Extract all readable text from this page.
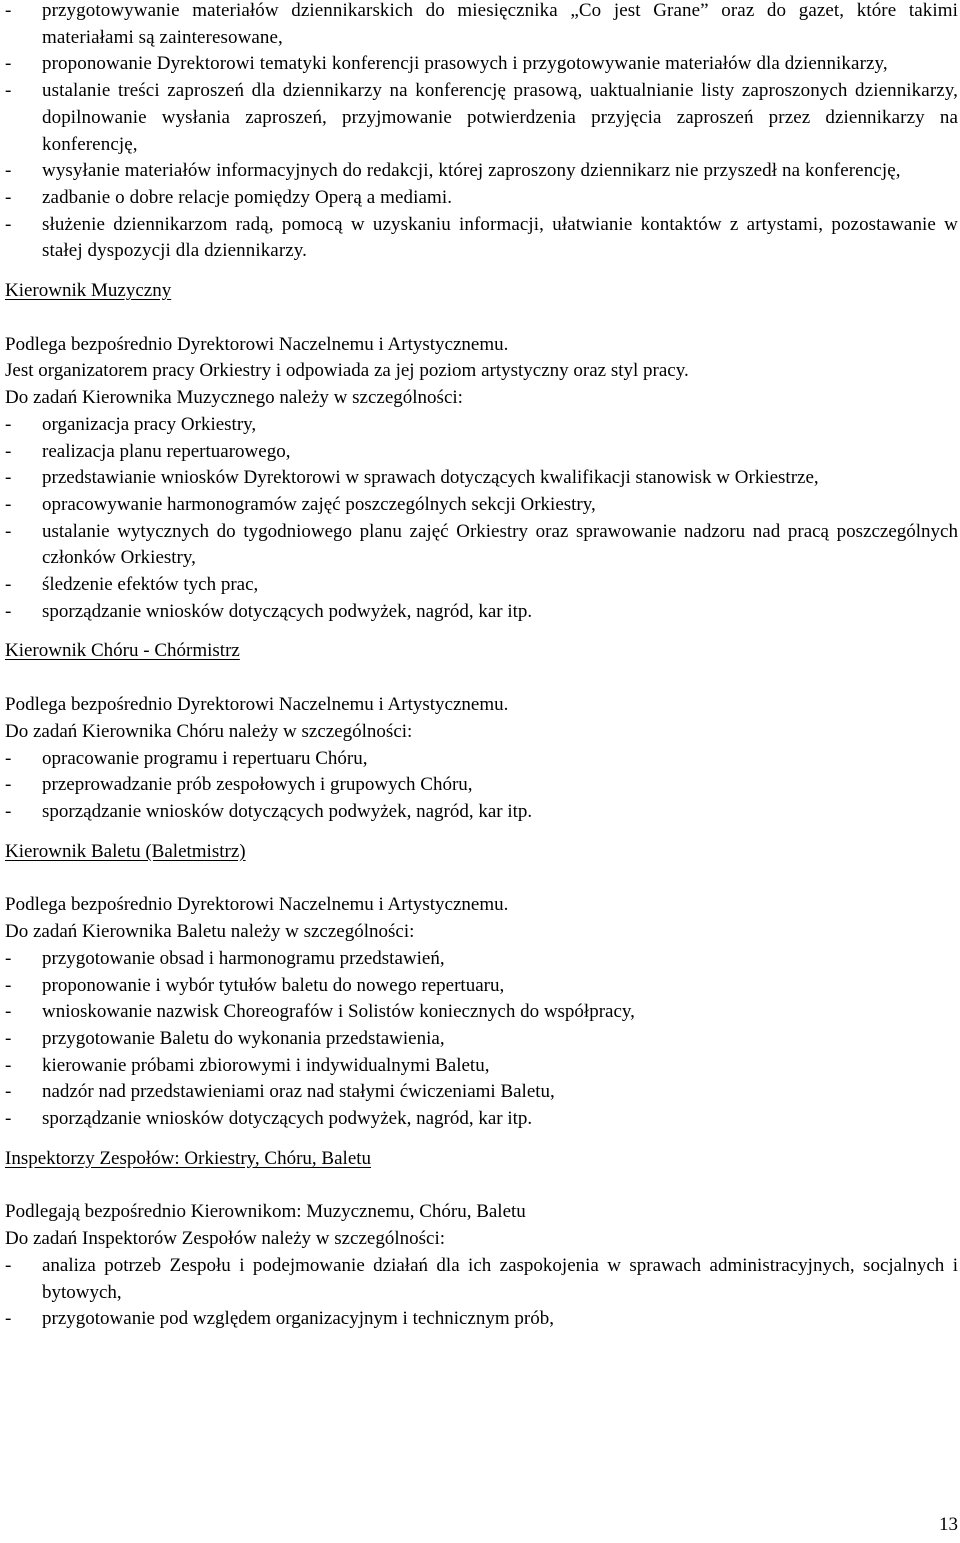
- przygotowywanie materiałów dziennikarskich do miesięcznika „Co jest Grane” oraz do gazet, które takimi materiałami są zainteresowane,
- proponowanie Dyrektorowi tematyki konferencji prasowych i przygotowywanie materiałów dla dziennikarzy,
- ustalanie treści zaproszeń dla dziennikarzy na konferencję prasową, uaktualnianie listy zaproszonych dziennikarzy, dopilnowanie wysłania zaproszeń, przyjmowanie potwierdzenia przyjęcia zaproszeń przez dziennikarzy na konferencję,
- wysyłanie materiałów informacyjnych do redakcji, której zaproszony dziennikarz nie przyszedł na konferencję,
- zadbanie o dobre relacje pomiędzy Operą a mediami.
- służenie dziennikarzom radą, pomocą w uzyskaniu informacji, ułatwianie kontaktów z artystami, pozostawanie w stałej dyspozycji dla dziennikarzy.
Kierownik Muzyczny

Podlega bezpośrednio Dyrektorowi Naczelnemu i Artystycznemu.

Jest organizatorem pracy Orkiestry i odpowiada za jej poziom artystyczny oraz styl pracy.

Do zadań Kierownika Muzycznego należy w szczególności:

- organizacja pracy Orkiestry,
- realizacja planu repertuarowego,
- przedstawianie wniosków Dyrektorowi w sprawach dotyczących kwalifikacji stanowisk w Orkiestrze,
- opracowywanie harmonogramów zajęć poszczególnych sekcji Orkiestry,
- ustalanie wytycznych do tygodniowego planu zajęć Orkiestry oraz sprawowanie nadzoru nad pracą poszczególnych członków Orkiestry,
- śledzenie efektów tych prac,
- sporządzanie wniosków dotyczących podwyżek, nagród, kar itp.
Kierownik Chóru - Chórmistrz

Podlega bezpośrednio Dyrektorowi Naczelnemu i Artystycznemu.

Do zadań Kierownika Chóru należy w szczególności:

- opracowanie programu i repertuaru Chóru,
- przeprowadzanie prób zespołowych i grupowych Chóru,
- sporządzanie wniosków dotyczących podwyżek, nagród, kar itp.
Kierownik Baletu (Baletmistrz)

Podlega bezpośrednio Dyrektorowi Naczelnemu i Artystycznemu.

Do zadań Kierownika Baletu należy w szczególności:

- przygotowanie obsad i harmonogramu przedstawień,
- proponowanie i wybór tytułów baletu do nowego repertuaru,
- wnioskowanie nazwisk Choreografów i Solistów koniecznych do współpracy,
- przygotowanie Baletu do wykonania przedstawienia,
- kierowanie próbami zbiorowymi i indywidualnymi Baletu,
- nadzór nad przedstawieniami oraz nad stałymi ćwiczeniami Baletu,
- sporządzanie wniosków dotyczących podwyżek, nagród, kar itp.
Inspektorzy Zespołów: Orkiestry, Chóru, Baletu

Podlegają bezpośrednio Kierownikom: Muzycznemu, Chóru, Baletu

Do zadań Inspektorów Zespołów należy w szczególności:

- analiza potrzeb Zespołu i podejmowanie działań dla ich zaspokojenia w sprawach administracyjnych, socjalnych i bytowych,
- przygotowanie pod względem organizacyjnym i technicznym prób,
13
